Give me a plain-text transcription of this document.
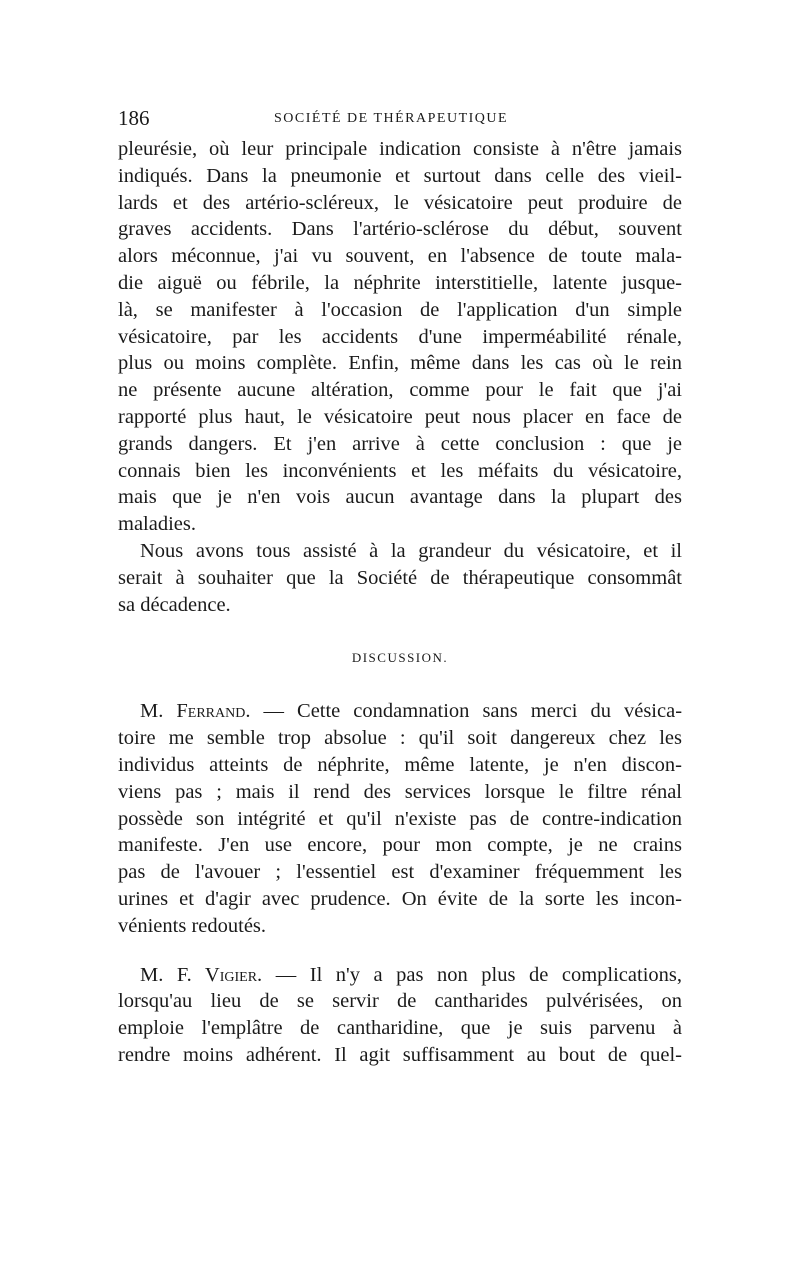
186	SOCIÉTÉ DE THÉRAPEUTIQUE
pleurésie, où leur principale indication consiste à n'être jamais
indiqués. Dans la pneumonie et surtout dans celle des vieil-
lards et des artério-scléreux, le vésicatoire peut produire de
graves accidents. Dans l'artério-sclérose du début, souvent
alors méconnue, j'ai vu souvent, en l'absence de toute mala-
die aiguë ou fébrile, la néphrite interstitielle, latente jusque-
là, se manifester à l'occasion de l'application d'un simple
vésicatoire, par les accidents d'une imperméabilité rénale,
plus ou moins complète. Enfin, même dans les cas où le rein
ne présente aucune altération, comme pour le fait que j'ai
rapporté plus haut, le vésicatoire peut nous placer en face de
grands dangers. Et j'en arrive à cette conclusion : que je
connais bien les inconvénients et les méfaits du vésicatoire,
mais que je n'en vois aucun avantage dans la plupart des
maladies.
Nous avons tous assisté à la grandeur du vésicatoire, et il
serait à souhaiter que la Société de thérapeutique consommât
sa décadence.
DISCUSSION.
M. Ferrand. — Cette condamnation sans merci du vésica-
toire me semble trop absolue : qu'il soit dangereux chez les
individus atteints de néphrite, même latente, je n'en discon-
viens pas ; mais il rend des services lorsque le filtre rénal
possède son intégrité et qu'il n'existe pas de contre-indication
manifeste. J'en use encore, pour mon compte, je ne crains
pas de l'avouer ; l'essentiel est d'examiner fréquemment les
urines et d'agir avec prudence. On évite de la sorte les incon-
vénients redoutés.
M. F. Vigier. — Il n'y a pas non plus de complications,
lorsqu'au lieu de se servir de cantharides pulvérisées, on
emploie l'emplâtre de cantharidine, que je suis parvenu à
rendre moins adhérent. Il agit suffisamment au bout de quel-
